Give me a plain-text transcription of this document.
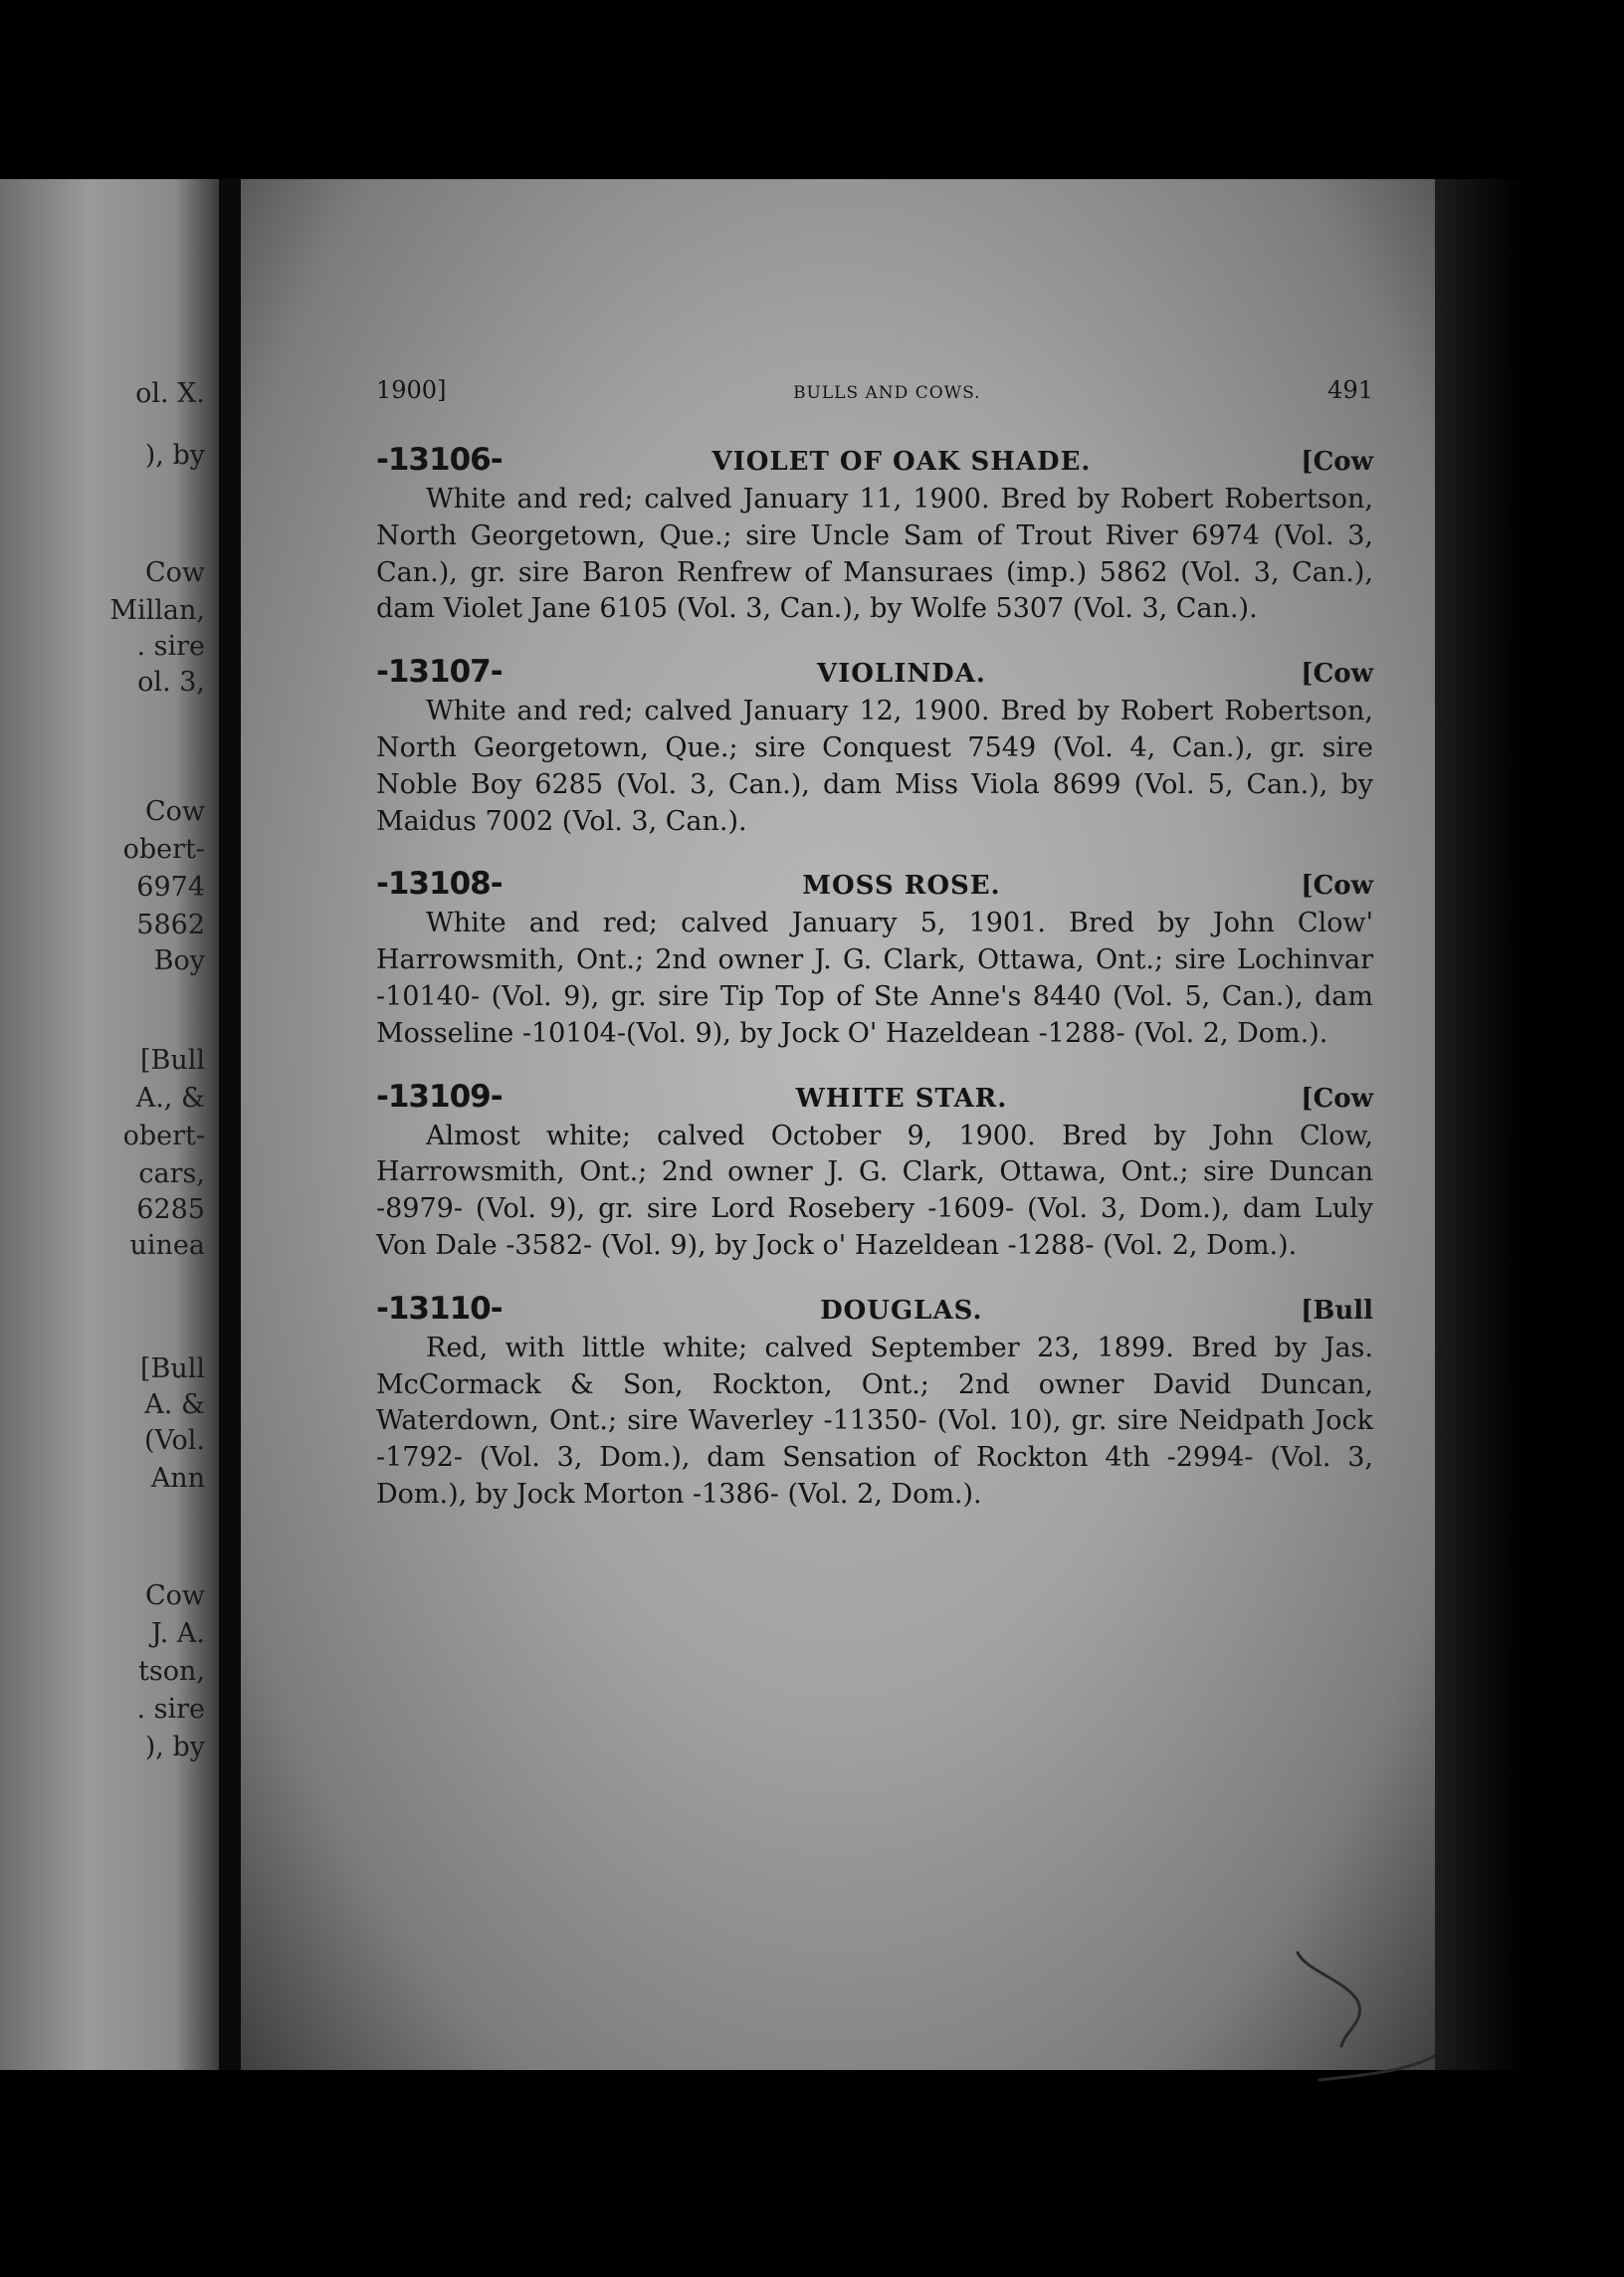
ol. X.
), by
Cow
Millan,
. sire
ol. 3,
Cow
obert-
6974
5862
Boy
[Bull
A., &
obert-
cars,
6285
uinea
[Bull
A. &
(Vol.
Ann
Cow
J. A.
tson,
. sire
), by
1900]	BULLS AND COWS.	491
-13106-	VIOLET OF OAK SHADE.	[Cow

White and red; calved January 11, 1900. Bred by Robert Robertson, North Georgetown, Que.; sire Uncle Sam of Trout River 6974 (Vol. 3, Can.), gr. sire Baron Renfrew of Mansuraes (imp.) 5862 (Vol. 3, Can.), dam Violet Jane 6105 (Vol. 3, Can.), by Wolfe 5307 (Vol. 3, Can.).

-13107-	VIOLINDA.	[Cow

White and red; calved January 12, 1900. Bred by Robert Robertson, North Georgetown, Que.; sire Conquest 7549 (Vol. 4, Can.), gr. sire Noble Boy 6285 (Vol. 3, Can.), dam Miss Viola 8699 (Vol. 5, Can.), by Maidus 7002 (Vol. 3, Can.).

-13108-	MOSS ROSE.	[Cow

White and red; calved January 5, 1901. Bred by John Clow' Harrowsmith, Ont.; 2nd owner J. G. Clark, Ottawa, Ont.; sire Lochinvar -10140- (Vol. 9), gr. sire Tip Top of Ste Anne's 8440 (Vol. 5, Can.), dam Mosseline -10104-(Vol. 9), by Jock O' Hazeldean -1288- (Vol. 2, Dom.).

-13109-	WHITE STAR.	[Cow

Almost white; calved October 9, 1900. Bred by John Clow, Harrowsmith, Ont.; 2nd owner J. G. Clark, Ottawa, Ont.; sire Duncan -8979- (Vol. 9), gr. sire Lord Rosebery -1609- (Vol. 3, Dom.), dam Luly Von Dale -3582- (Vol. 9), by Jock o' Hazeldean -1288- (Vol. 2, Dom.).

-13110-	DOUGLAS.	[Bull

Red, with little white; calved September 23, 1899. Bred by Jas. McCormack & Son, Rockton, Ont.; 2nd owner David Duncan, Waterdown, Ont.; sire Waverley -11350- (Vol. 10), gr. sire Neidpath Jock -1792- (Vol. 3, Dom.), dam Sensation of Rockton 4th -2994- (Vol. 3, Dom.), by Jock Morton -1386- (Vol. 2, Dom.).
